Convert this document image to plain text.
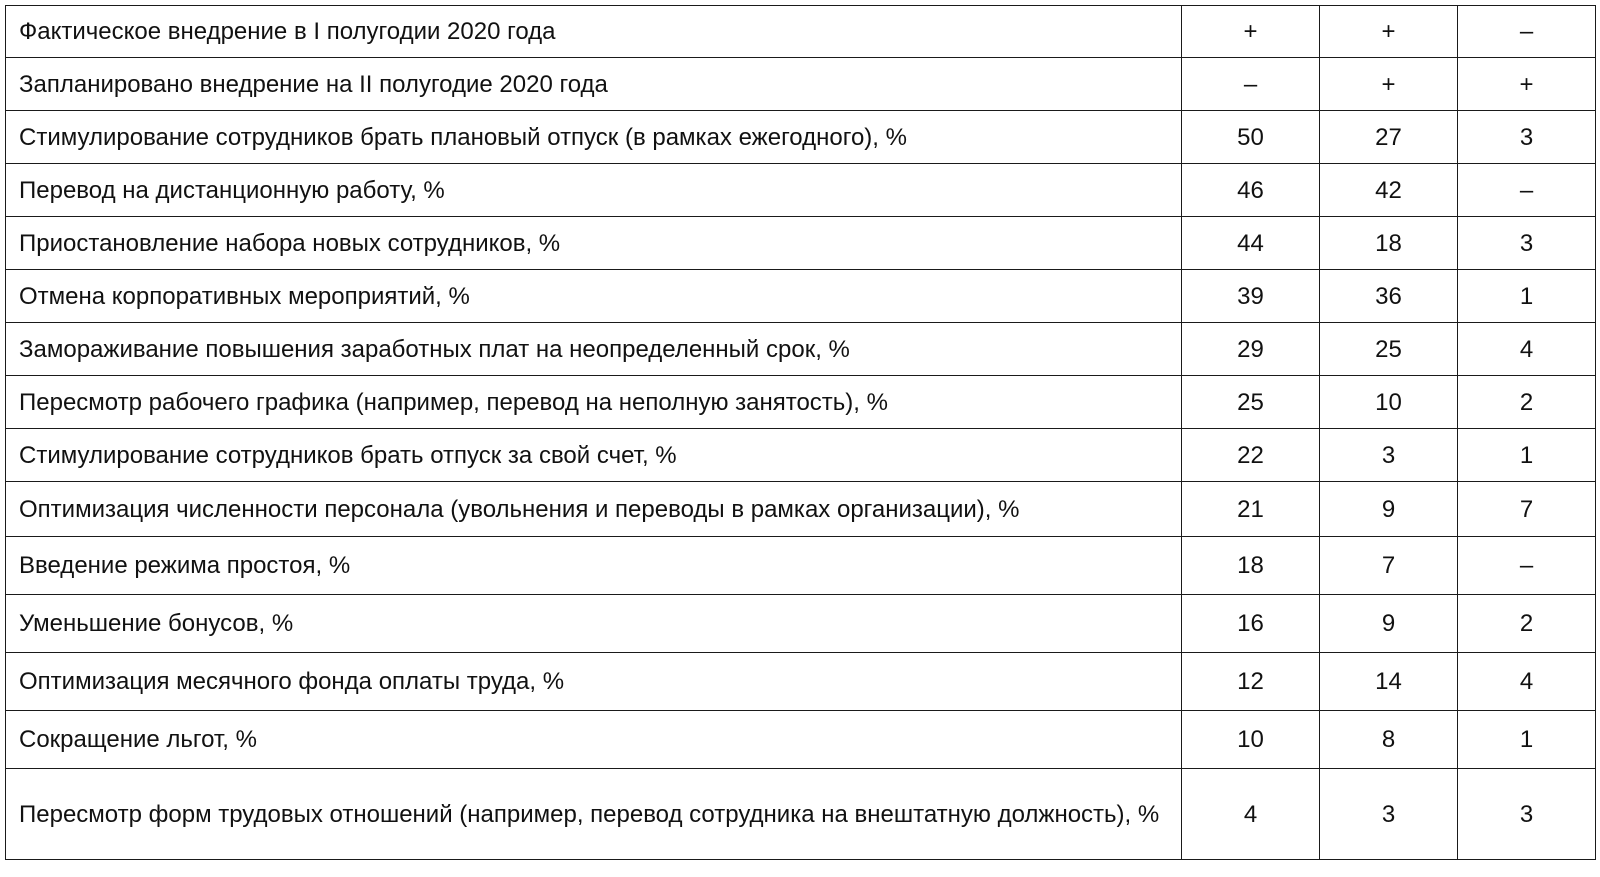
Фактическое внедрение в I полугодии 2020 года	+	+	–
Запланировано внедрение на II полугодие 2020 года	–	+	+
Стимулирование сотрудников брать плановый отпуск (в рамках ежегодного), %	50	27	3
Перевод на дистанционную работу, %	46	42	–
Приостановление набора новых сотрудников, %	44	18	3
Отмена корпоративных мероприятий, %	39	36	1
Замораживание повышения заработных плат на неопределенный срок, %	29	25	4
Пересмотр рабочего графика (например, перевод на неполную занятость), %	25	10	2
Стимулирование сотрудников брать отпуск за свой счет, %	22	3	1
Оптимизация численности персонала (увольнения и переводы в рамках организации), %	21	9	7
Введение режима простоя, %	18	7	–
Уменьшение бонусов, %	16	9	2
Оптимизация месячного фонда оплаты труда, %	12	14	4
Сокращение льгот, %	10	8	1
Пересмотр форм трудовых отношений (например, перевод сотрудника на внештатную должность), %	4	3	3
